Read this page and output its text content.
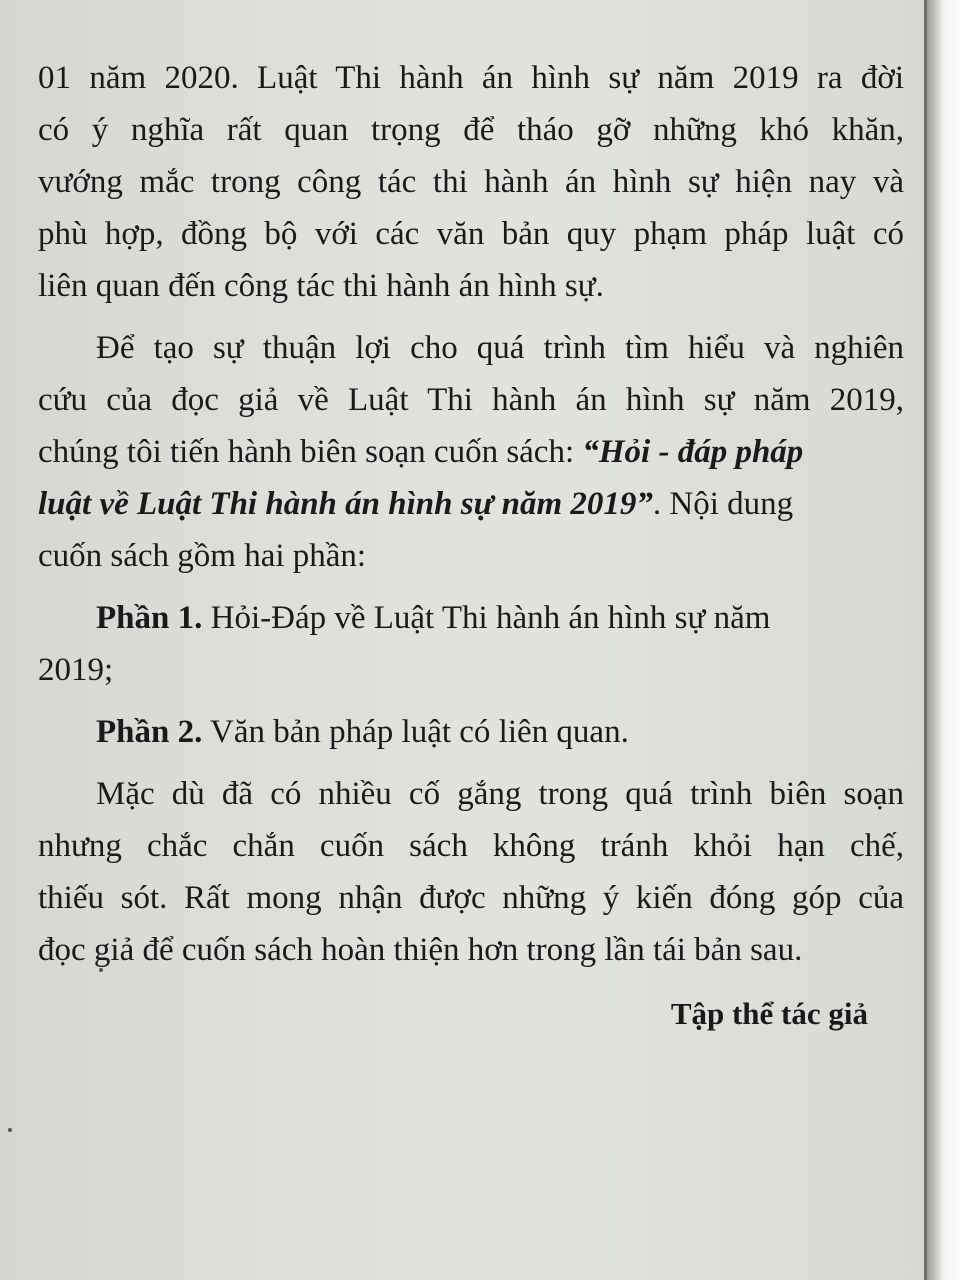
01 năm 2020. Luật Thi hành án hình sự năm 2019 ra đời
có ý nghĩa rất quan trọng để tháo gỡ những khó khăn,
vướng mắc trong công tác thi hành án hình sự hiện nay và
phù hợp, đồng bộ với các văn bản quy phạm pháp luật có
liên quan đến công tác thi hành án hình sự.
Để tạo sự thuận lợi cho quá trình tìm hiểu và nghiên
cứu của đọc giả về Luật Thi hành án hình sự năm 2019,
chúng tôi tiến hành biên soạn cuốn sách: “Hỏi - đáp pháp
luật về Luật Thi hành án hình sự năm 2019”. Nội dung
cuốn sách gồm hai phần:
Phần 1. Hỏi-Đáp về Luật Thi hành án hình sự năm
2019;
Phần 2. Văn bản pháp luật có liên quan.
Mặc dù đã có nhiều cố gắng trong quá trình biên soạn
nhưng chắc chắn cuốn sách không tránh khỏi hạn chế,
thiếu sót. Rất mong nhận được những ý kiến đóng góp của
đọc giả để cuốn sách hoàn thiện hơn trong lần tái bản sau.
Tập thể tác giả
